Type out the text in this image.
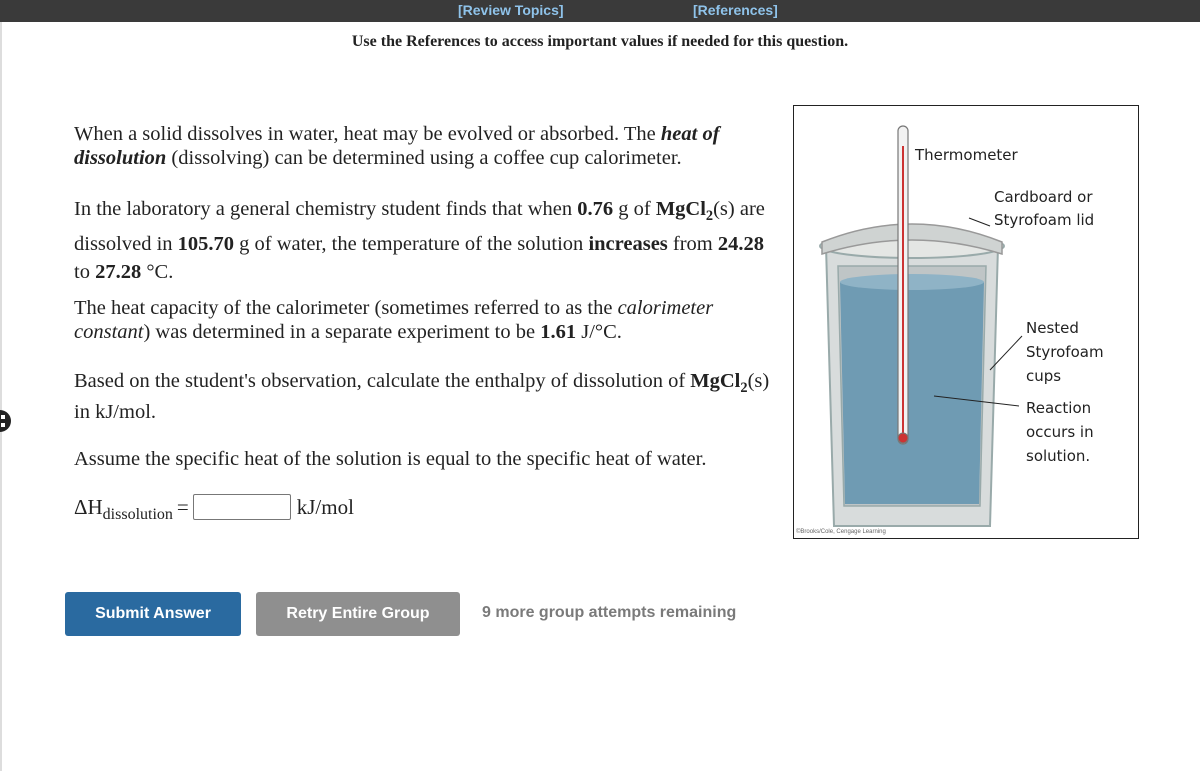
[Review Topics]	[References]
Use the References to access important values if needed for this question.
When a solid dissolves in water, heat may be evolved or absorbed. The heat of dissolution (dissolving) can be determined using a coffee cup calorimeter.
In the laboratory a general chemistry student finds that when 0.76 g of MgCl$_2$(s) are dissolved in 105.70 g of water, the temperature of the solution increases from 24.28 to 27.28 °C.
The heat capacity of the calorimeter (sometimes referred to as the calorimeter constant) was determined in a separate experiment to be 1.61 J/°C.
Based on the student's observation, calculate the enthalpy of dissolution of MgCl$_2$(s) in kJ/mol.
Assume the specific heat of the solution is equal to the specific heat of water.
ΔH dissolution =	kJ/mol
Submit Answer	Retry Entire Group	9 more group attempts remaining
Thermometer
Cardboard or
Styrofoam lid
Nested
Styrofoam cups
Reaction
occurs in
solution.
©Brooks/Cole, Cengage Learning
